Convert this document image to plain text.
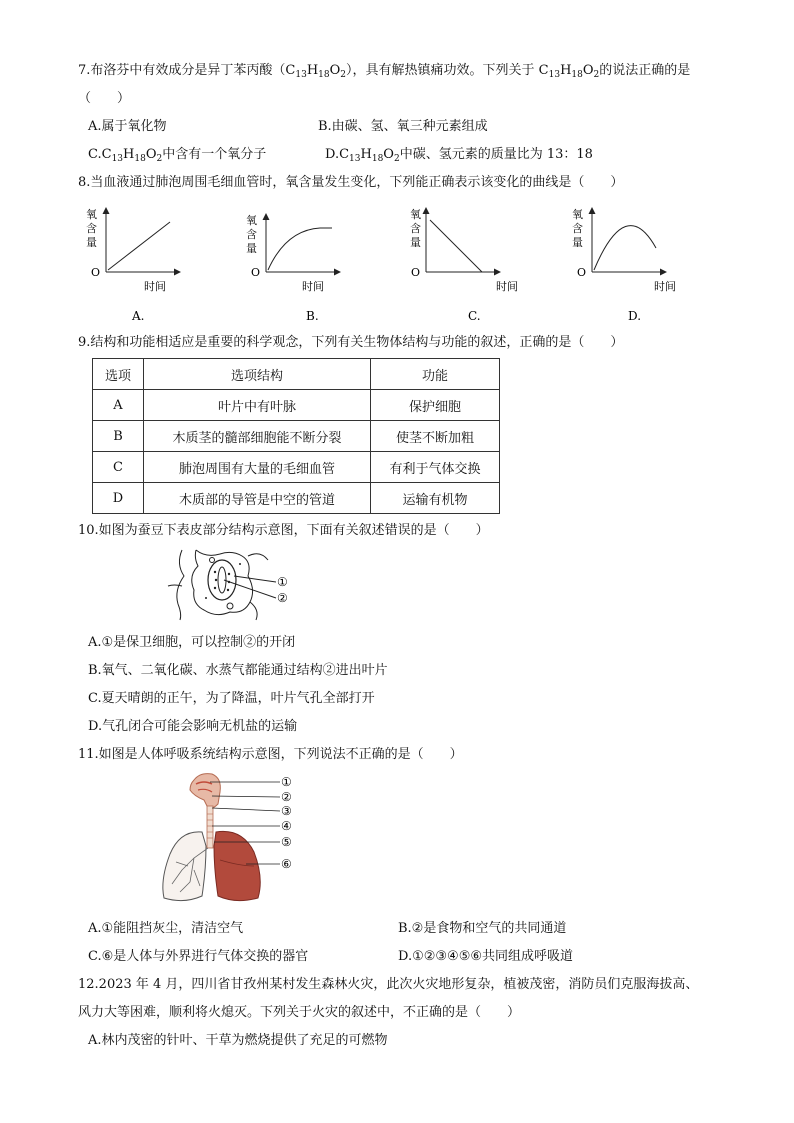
7.布洛芬中有效成分是异丁苯丙酸$(C_{13}H_{18}O_2)$，具有解热镇痛功效。下列关于 $C_{13}H_{18}O_2$的说法正确的是
（　　）
A.属于氧化物	B.由碳、氢、氧三种元素组成
$C.C_{13}H_{18}O_2$中含有一个氧分子	$D.C_{13}H_{18}O_2$中碳、氢元素的质量比为 13：18
8.当血液通过肺泡周围毛细血管时，氧含量发生变化，下列能正确表示该变化的曲线是（　　）
氧
含
量
O
时间
A.
氧
含
量
O
时间
B.
氧
含
量
O
时间
C.
氧
含
量
O
时间
D.
9.结构和功能相适应是重要的科学观念，下列有关生物体结构与功能的叙述，正确的是（　　）
选项	选项结构	功能
A	叶片中有叶脉	保护细胞
B	木质茎的髓部细胞能不断分裂	使茎不断加粗
C	肺泡周围有大量的毛细血管	有利于气体交换
D	木质部的导管是中空的管道	运输有机物
10.如图为蚕豆下表皮部分结构示意图，下面有关叙述错误的是（　　）
①
②
A.①是保卫细胞，可以控制②的开闭
B.氧气、二氧化碳、水蒸气都能通过结构②进出叶片
C.夏天晴朗的正午，为了降温，叶片气孔全部打开
D.气孔闭合可能会影响无机盐的运输
11.如图是人体呼吸系统结构示意图，下列说法不正确的是（　　）
①
②
③
④
⑤
⑥
A.①能阻挡灰尘，清洁空气	B.②是食物和空气的共同通道
C.⑥是人体与外界进行气体交换的器官	D.①②③④⑤⑥共同组成呼吸道
12.2023 年 4 月，四川省甘孜州某村发生森林火灾，此次火灾地形复杂，植被茂密，消防员们克服海拔高、
风力大等困难，顺利将火熄灭。下列关于火灾的叙述中，不正确的是（　　）
A.林内茂密的针叶、干草为燃烧提供了充足的可燃物
